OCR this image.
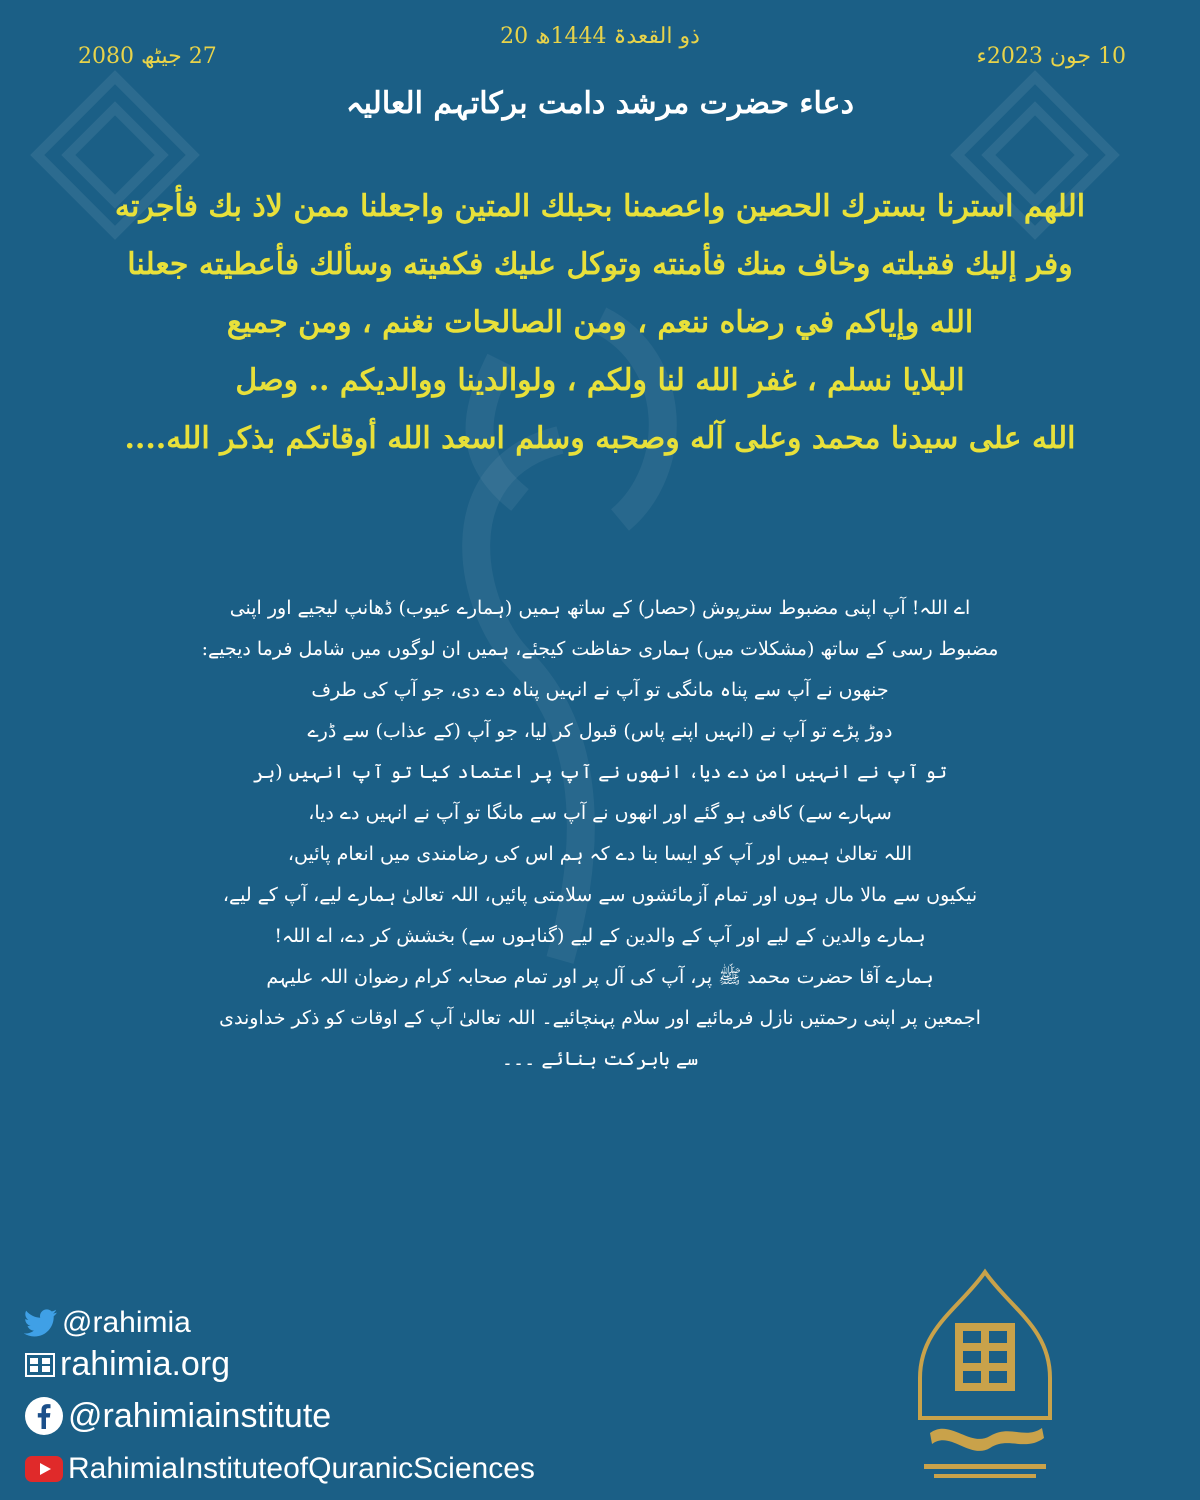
20 ذو القعدۃ 1444ھ
10 جون 2023ء
27 جیٹھ 2080
دعاء حضرت مرشد دامت برکاتہم العالیہ
اللهم استرنا بسترك الحصين واعصمنا بحبلك المتين واجعلنا ممن لاذ بك فأجرته
وفر إليك فقبلته وخاف منك فأمنته وتوكل عليك فكفيته وسألك فأعطيته جعلنا
الله وإياكم في رضاه ننعم ، ومن الصالحات نغنم ، ومن جميع
البلايا نسلم ، غفر الله لنا ولكم ، ولوالدينا ووالديكم .. وصل
الله على سيدنا محمد وعلى آله وصحبه وسلم اسعد الله أوقاتكم بذكر الله....
اے اللہ! آپ اپنی مضبوط سترپوش (حصار) کے ساتھ ہمیں (ہمارے عیوب) ڈھانپ لیجیے اور اپنی
مضبوط رسی کے ساتھ (مشکلات میں) ہماری حفاظت کیجئے، ہمیں ان لوگوں میں شامل فرما دیجیے:
جنھوں نے آپ سے پناہ مانگی تو آپ نے انہیں پناہ دے دی، جو آپ کی طرف
دوڑ پڑے تو آپ نے (انہیں اپنے پاس) قبول کر لیا، جو آپ (کے عذاب) سے ڈرے
تو آپ نے انہیں امن دے دیا، انھوں نے آپ پر اعتماد کیا تو آپ انہیں (ہر
سہارے سے) کافی ہو گئے اور انھوں نے آپ سے مانگا تو آپ نے انہیں دے دیا،
اللہ تعالیٰ ہمیں اور آپ کو ایسا بنا دے کہ ہم اس کی رضامندی میں انعام پائیں،
نیکیوں سے مالا مال ہوں اور تمام آزمائشوں سے سلامتی پائیں، اللہ تعالیٰ ہمارے لیے، آپ کے لیے،
ہمارے والدین کے لیے اور آپ کے والدین کے لیے (گناہوں سے) بخشش کر دے، اے اللہ!
ہمارے آقا حضرت محمد ﷺ پر، آپ کی آل پر اور تمام صحابہ کرام رضوان اللہ علیہم
اجمعین پر اپنی رحمتیں نازل فرمائیے اور سلام پہنچائیے۔ اللہ تعالیٰ آپ کے اوقات کو ذکر خداوندی
سے بابرکت بنائے ۔۔۔
@rahimia
rahimia.org
@rahimiainstitute
RahimiaInstituteofQuranicSciences
